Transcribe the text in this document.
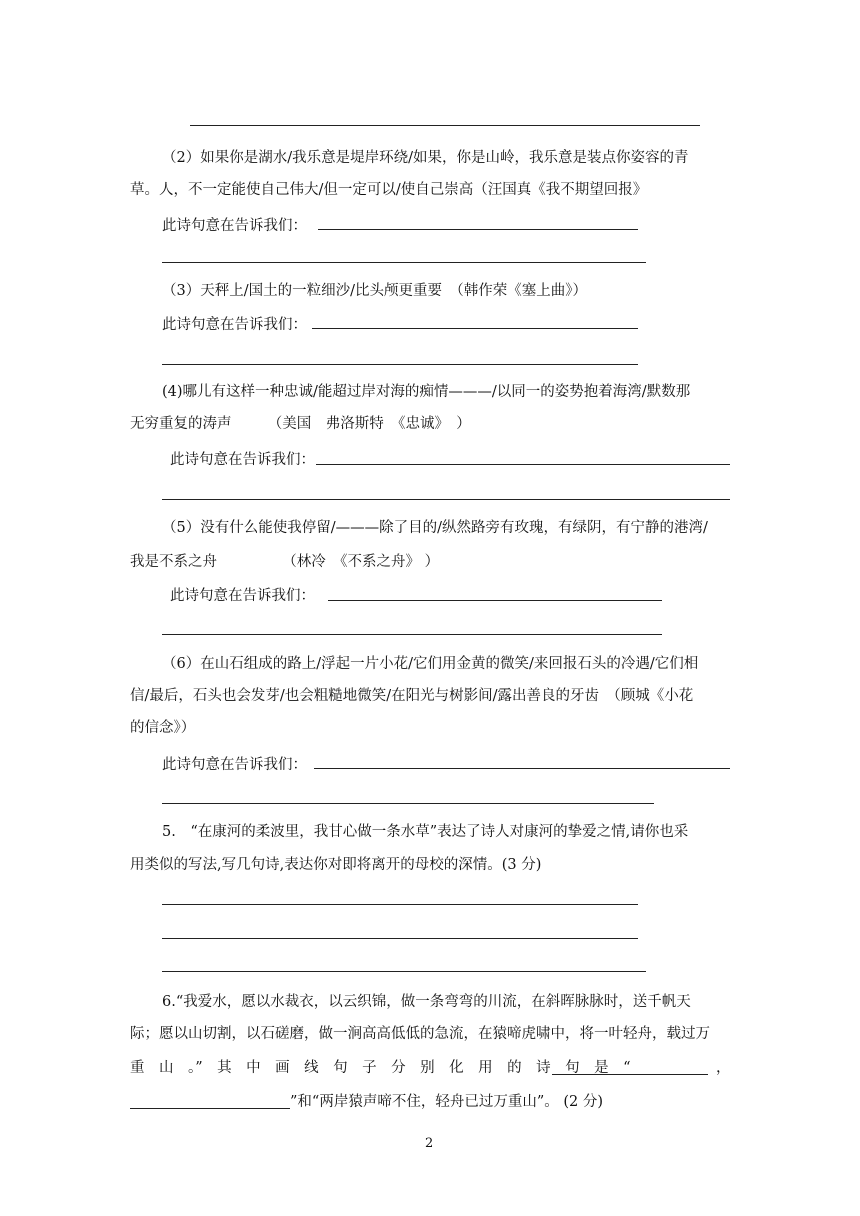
（2）如果你是湖水/我乐意是堤岸环绕/如果，你是山岭，我乐意是装点你姿容的青
草。人，不一定能使自己伟大/但一定可以/使自己崇高（汪国真《我不期望回报》
此诗句意在告诉我们：
（3）天秤上/国土的一粒细沙/比头颅更重要　（韩作荣《塞上曲》）
此诗句意在告诉我们：
(4)哪儿有这样一种忠诚/能超过岸对海的痴情———/以同一的姿势抱着海湾/默数那
无穷重复的涛声　　　（美国　弗洛斯特　《忠诚》　）
此诗句意在告诉我们：
（5）没有什么能使我停留/———除了目的/纵然路旁有玫瑰，有绿阴，有宁静的港湾/
我是不系之舟　　　　　（林冷　《不系之舟》 ）
此诗句意在告诉我们：
（6）在山石组成的路上/浮起一片小花/它们用金黄的微笑/来回报石头的冷遇/它们相
信/最后，石头也会发芽/也会粗糙地微笑/在阳光与树影间/露出善良的牙齿　（顾城《小花
的信念》）
此诗句意在告诉我们：
5.　“在康河的柔波里，我甘心做一条水草”表达了诗人对康河的挚爱之情,请你也采
用类似的写法,写几句诗,表达你对即将离开的母校的深情。(3 分)
6.“我爱水，愿以水裁衣，以云织锦，做一条弯弯的川流，在斜晖脉脉时，送千帆天
际；愿以山切割，以石磋磨，做一涧高高低低的急流，在猿啼虎啸中，将一叶轻舟，载过万
重　山　。”　其　中　画　线　句　子　分　别　化　用　的　诗　句　是　“	，
”和“两岸猿声啼不住，轻舟已过万重山”。 (2 分)
2
